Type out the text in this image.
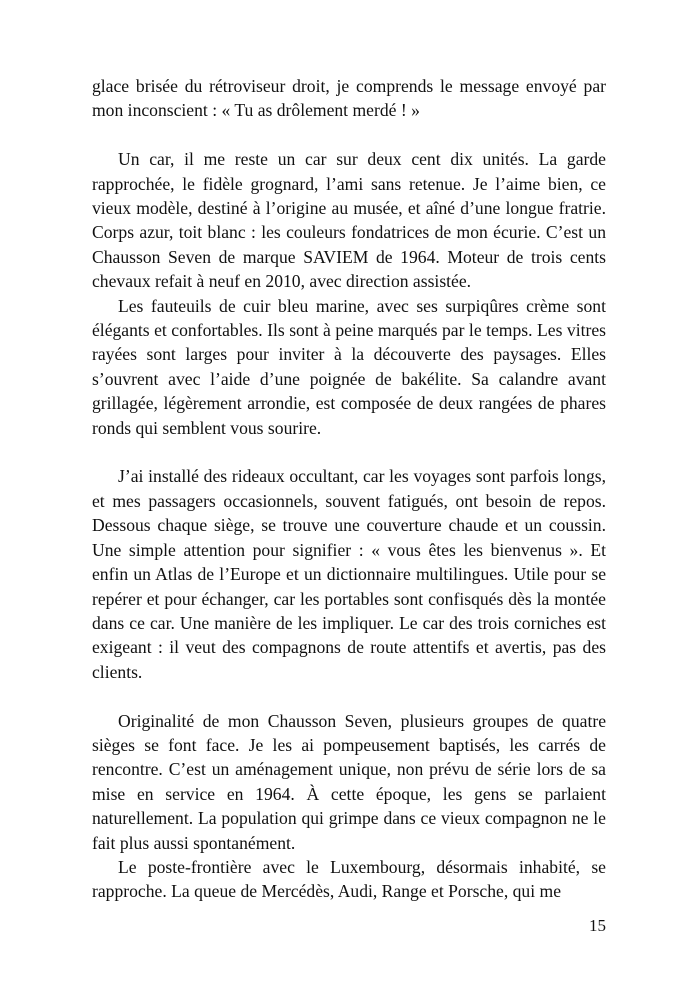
glace brisée du rétroviseur droit, je comprends le message envoyé par mon inconscient : « Tu as drôlement merdé ! »

Un car, il me reste un car sur deux cent dix unités. La garde rapprochée, le fidèle grognard, l’ami sans retenue. Je l’aime bien, ce vieux modèle, destiné à l’origine au musée, et aîné d’une longue fratrie. Corps azur, toit blanc : les couleurs fondatrices de mon écurie. C’est un Chausson Seven de marque SAVIEM de 1964. Moteur de trois cents chevaux refait à neuf en 2010, avec direction assistée.

Les fauteuils de cuir bleu marine, avec ses surpiqûres crème sont élégants et confortables. Ils sont à peine marqués par le temps. Les vitres rayées sont larges pour inviter à la découverte des paysages. Elles s’ouvrent avec l’aide d’une poignée de bakélite. Sa calandre avant grillagée, légèrement arrondie, est composée de deux rangées de phares ronds qui semblent vous sourire.

J’ai installé des rideaux occultant, car les voyages sont parfois longs, et mes passagers occasionnels, souvent fatigués, ont besoin de repos. Dessous chaque siège, se trouve une couverture chaude et un coussin. Une simple attention pour signifier : « vous êtes les bienvenus ». Et enfin un Atlas de l’Europe et un dictionnaire multilingues. Utile pour se repérer et pour échanger, car les portables sont confisqués dès la montée dans ce car. Une manière de les impliquer. Le car des trois corniches est exigeant : il veut des compagnons de route attentifs et avertis, pas des clients.

Originalité de mon Chausson Seven, plusieurs groupes de quatre sièges se font face. Je les ai pompeusement baptisés, les carrés de rencontre. C’est un aménagement unique, non prévu de série lors de sa mise en service en 1964. À cette époque, les gens se parlaient naturellement. La population qui grimpe dans ce vieux compagnon ne le fait plus aussi spontanément.

Le poste-frontière avec le Luxembourg, désormais inhabité, se rapproche. La queue de Mercédès, Audi, Range et Porsche, qui me

15
